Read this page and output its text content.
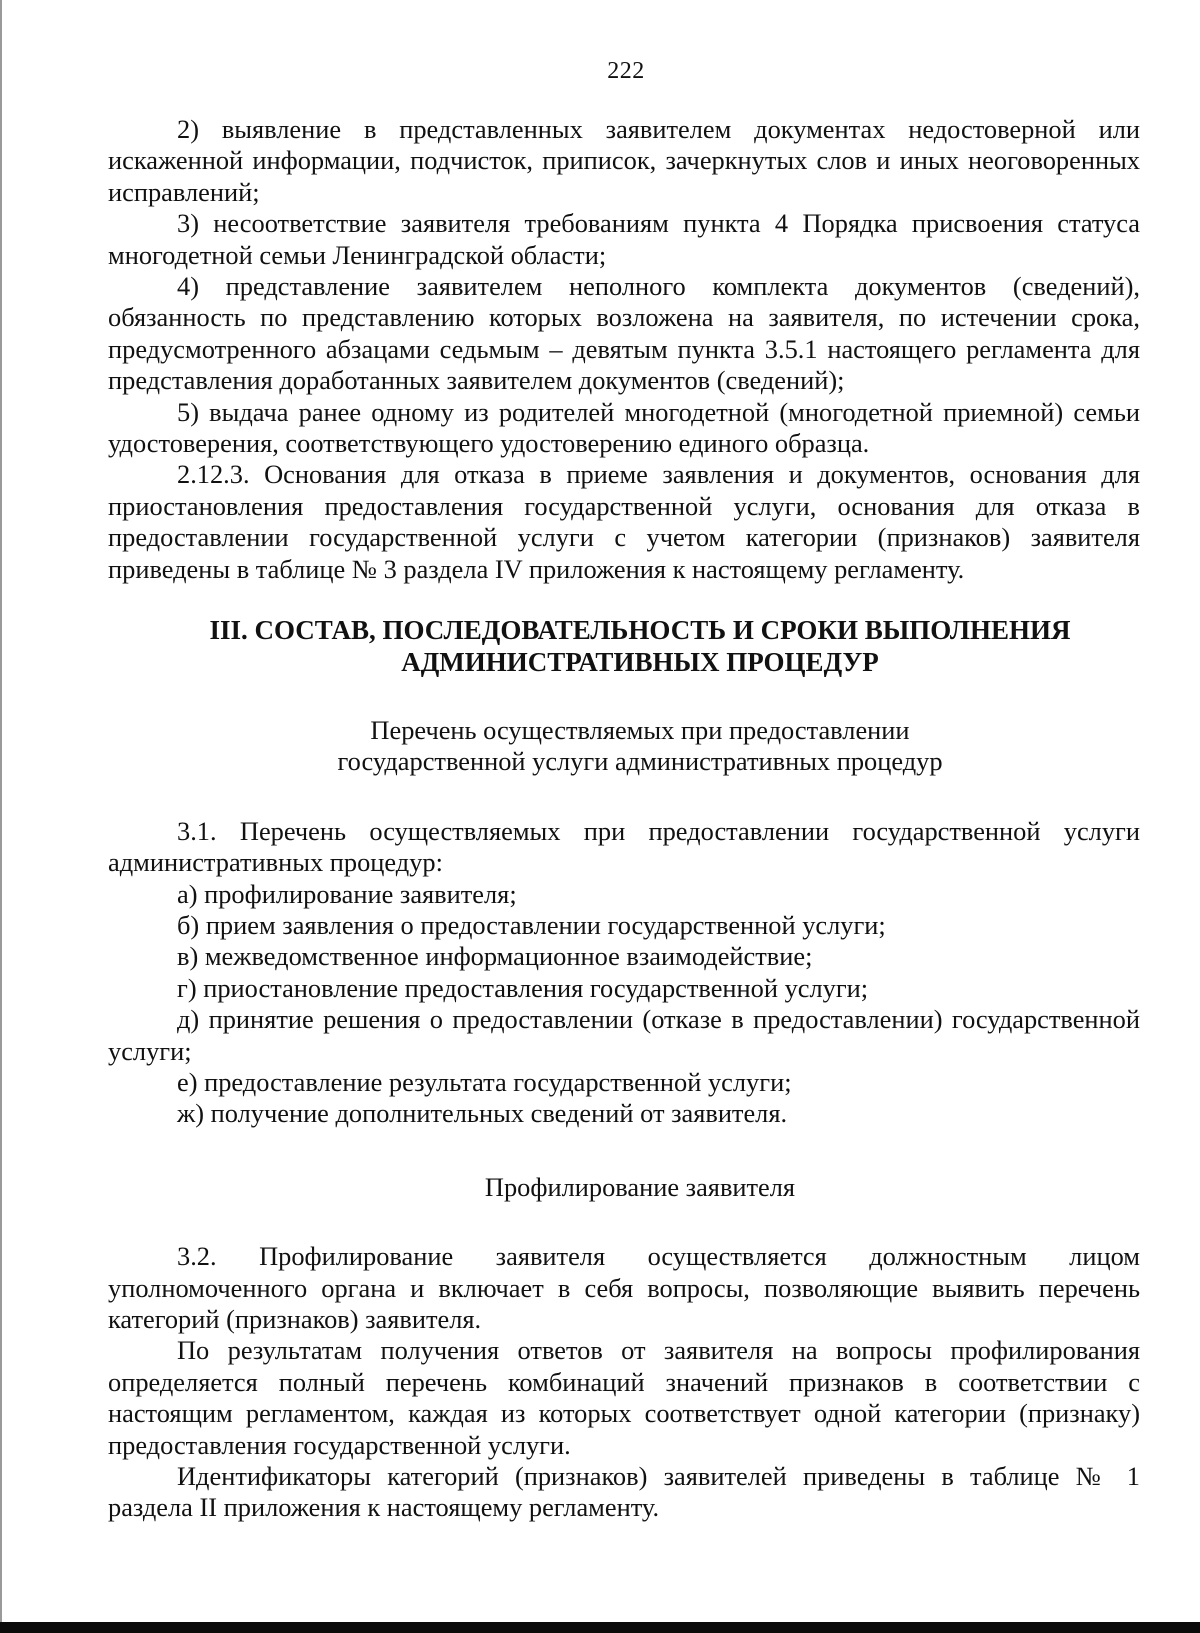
222

2) выявление в представленных заявителем документах недостоверной или искаженной информации, подчисток, приписок, зачеркнутых слов и иных неоговоренных исправлений;

3) несоответствие заявителя требованиям пункта 4 Порядка присвоения статуса многодетной семьи Ленинградской области;

4) представление заявителем неполного комплекта документов (сведений), обязанность по представлению которых возложена на заявителя, по истечении срока, предусмотренного абзацами седьмым – девятым пункта 3.5.1 настоящего регламента для представления доработанных заявителем документов (сведений);

5) выдача ранее одному из родителей многодетной (многодетной приемной) семьи удостоверения, соответствующего удостоверению единого образца.

2.12.3. Основания для отказа в приеме заявления и документов, основания для приостановления предоставления государственной услуги, основания для отказа в предоставлении государственной услуги с учетом категории (признаков) заявителя приведены в таблице № 3 раздела IV приложения к настоящему регламенту.

III. СОСТАВ, ПОСЛЕДОВАТЕЛЬНОСТЬ И СРОКИ ВЫПОЛНЕНИЯ
АДМИНИСТРАТИВНЫХ ПРОЦЕДУР

Перечень осуществляемых при предоставлении
государственной услуги административных процедур

3.1. Перечень осуществляемых при предоставлении государственной услуги административных процедур:

а) профилирование заявителя;

б) прием заявления о предоставлении государственной услуги;

в) межведомственное информационное взаимодействие;

г) приостановление предоставления государственной услуги;

д) принятие решения о предоставлении (отказе в предоставлении) государственной услуги;

е) предоставление результата государственной услуги;

ж) получение дополнительных сведений от заявителя.

Профилирование заявителя

3.2. Профилирование заявителя осуществляется должностным лицом уполномоченного органа и включает в себя вопросы, позволяющие выявить перечень категорий (признаков) заявителя.

По результатам получения ответов от заявителя на вопросы профилирования определяется полный перечень комбинаций значений признаков в соответствии с настоящим регламентом, каждая из которых соответствует одной категории (признаку) предоставления государственной услуги.

Идентификаторы категорий (признаков) заявителей приведены в таблице № 1 раздела II приложения к настоящему регламенту.
